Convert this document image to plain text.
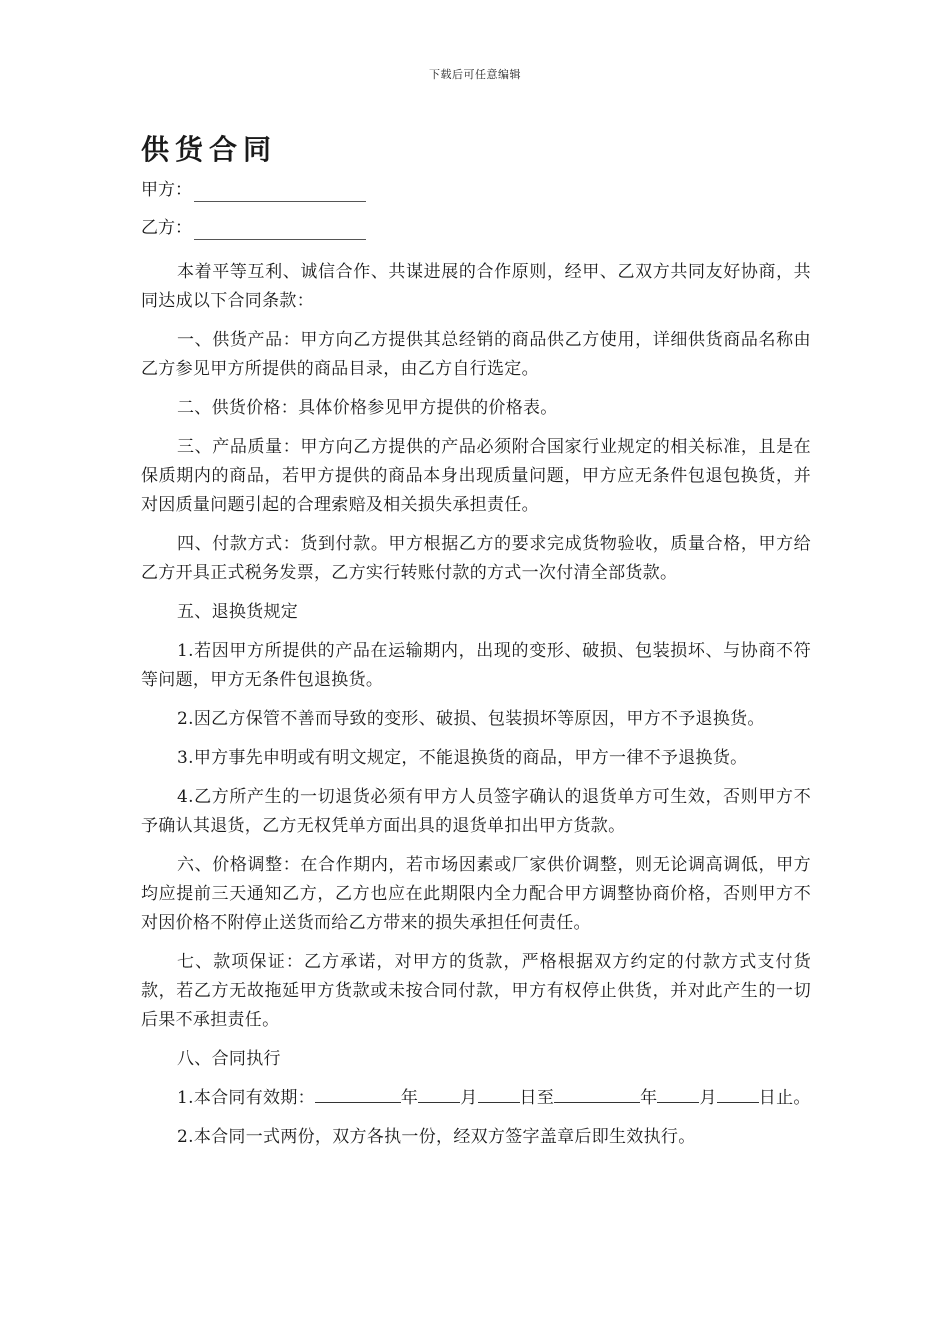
下载后可任意编辑
供货合同
甲方：
乙方：

本着平等互利、诚信合作、共谋进展的合作原则，经甲、乙双方共同友好协商，共同达成以下合同条款：

一、供货产品：甲方向乙方提供其总经销的商品供乙方使用，详细供货商品名称由乙方参见甲方所提供的商品目录，由乙方自行选定。

二、供货价格：具体价格参见甲方提供的价格表。

三、产品质量：甲方向乙方提供的产品必须附合国家行业规定的相关标准，且是在保质期内的商品，若甲方提供的商品本身出现质量问题，甲方应无条件包退包换货，并对因质量问题引起的合理索赔及相关损失承担责任。

四、付款方式：货到付款。甲方根据乙方的要求完成货物验收，质量合格，甲方给乙方开具正式税务发票，乙方实行转账付款的方式一次付清全部货款。

五、退换货规定

1.若因甲方所提供的产品在运输期内，出现的变形、破损、包装损坏、与协商不符等问题，甲方无条件包退换货。

2.因乙方保管不善而导致的变形、破损、包装损坏等原因，甲方不予退换货。

3.甲方事先申明或有明文规定，不能退换货的商品，甲方一律不予退换货。

4.乙方所产生的一切退货必须有甲方人员签字确认的退货单方可生效，否则甲方不予确认其退货，乙方无权凭单方面出具的退货单扣出甲方货款。

六、价格调整：在合作期内，若市场因素或厂家供价调整，则无论调高调低，甲方均应提前三天通知乙方，乙方也应在此期限内全力配合甲方调整协商价格，否则甲方不对因价格不附停止送货而给乙方带来的损失承担任何责任。

七、款项保证：乙方承诺，对甲方的货款，严格根据双方约定的付款方式支付货款，若乙方无故拖延甲方货款或未按合同付款，甲方有权停止供货，并对此产生的一切后果不承担责任。

八、合同执行

1.本合同有效期：	年 月 日至	年 月 日止。

2.本合同一式两份，双方各执一份，经双方签字盖章后即生效执行。
